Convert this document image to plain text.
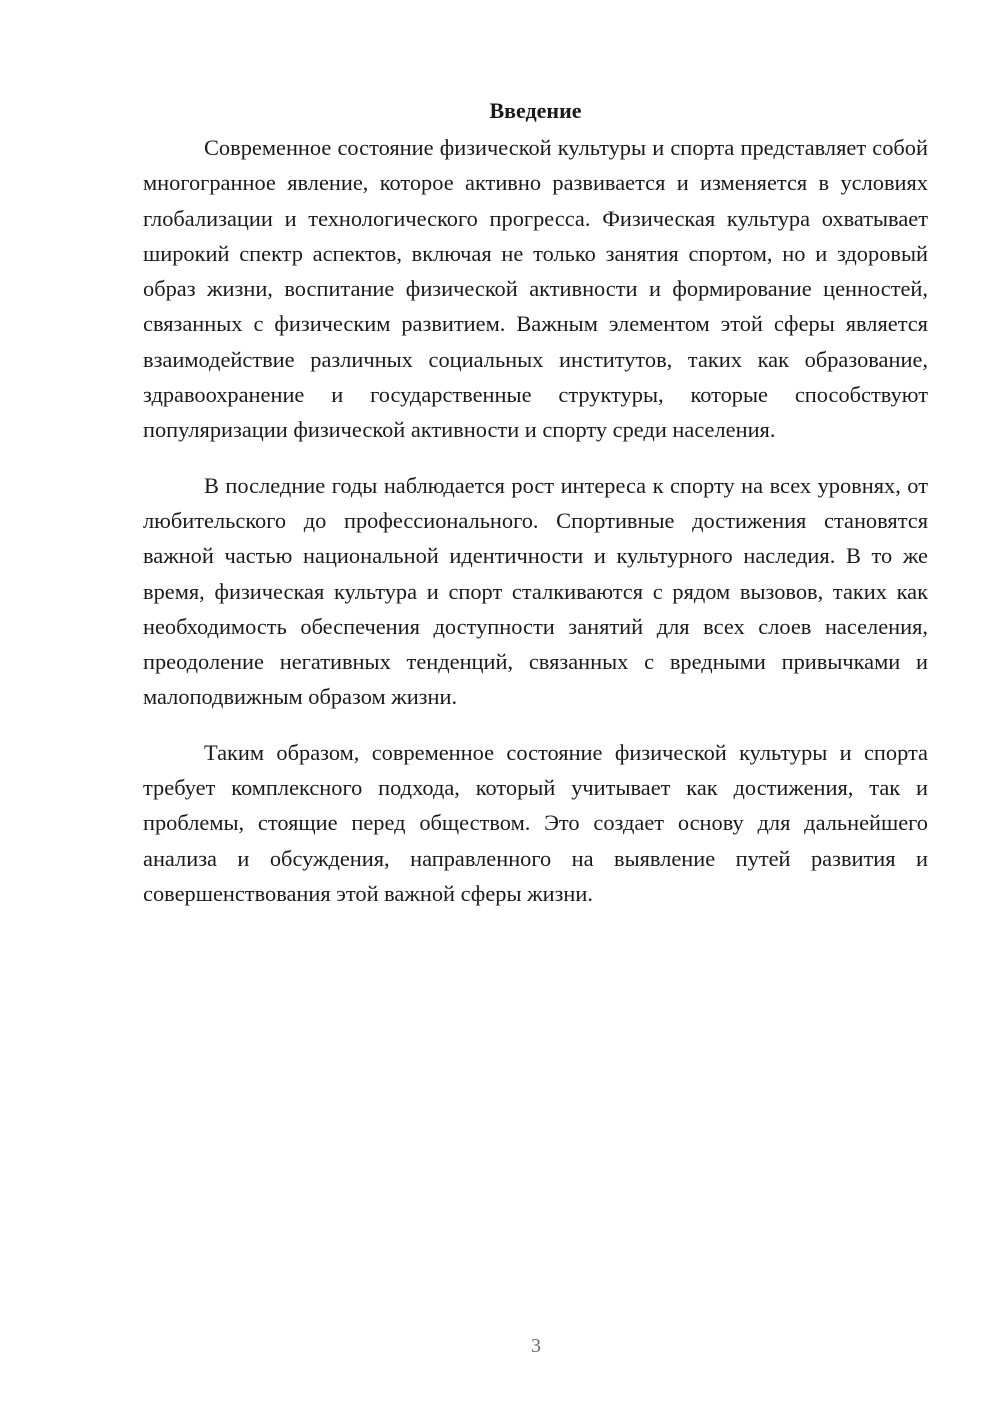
Введение

Современное состояние физической культуры и спорта представляет собой многогранное явление, которое активно развивается и изменяется в условиях глобализации и технологического прогресса. Физическая культура охватывает широкий спектр аспектов, включая не только занятия спортом, но и здоровый образ жизни, воспитание физической активности и формирование ценностей, связанных с физическим развитием. Важным элементом этой сферы является взаимодействие различных социальных институтов, таких как образование, здравоохранение и государственные структуры, которые способствуют популяризации физической активности и спорту среди населения.

В последние годы наблюдается рост интереса к спорту на всех уровнях, от любительского до профессионального. Спортивные достижения становятся важной частью национальной идентичности и культурного наследия. В то же время, физическая культура и спорт сталкиваются с рядом вызовов, таких как необходимость обеспечения доступности занятий для всех слоев населения, преодоление негативных тенденций, связанных с вредными привычками и малоподвижным образом жизни.

Таким образом, современное состояние физической культуры и спорта требует комплексного подхода, который учитывает как достижения, так и проблемы, стоящие перед обществом. Это создает основу для дальнейшего анализа и обсуждения, направленного на выявление путей развития и совершенствования этой важной сферы жизни.

3
